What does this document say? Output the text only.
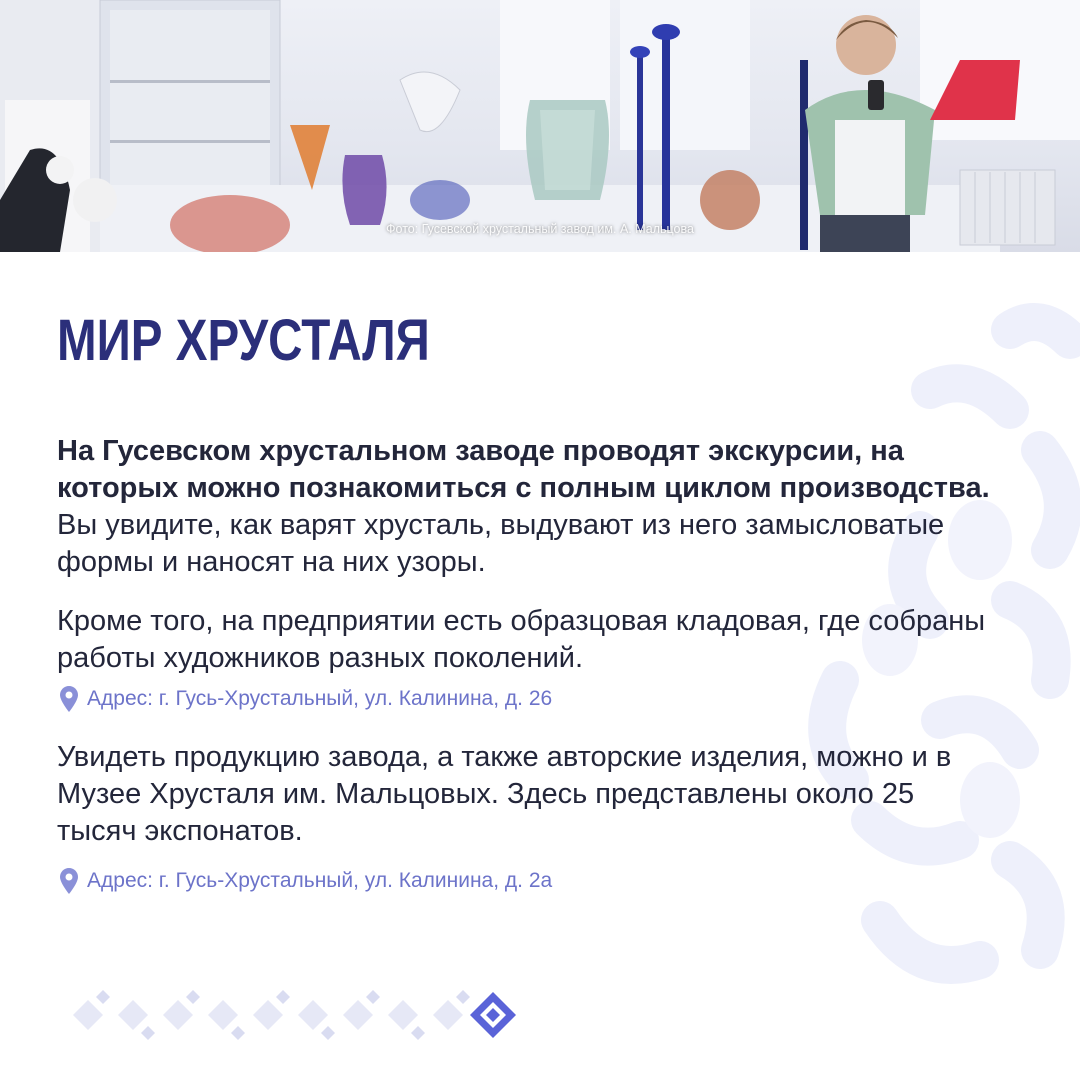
Фото: Гусевской хрустальный завод им. А. Мальцова
МИР ХРУСТАЛЯ

На Гусевском хрустальном заводе проводят экскурсии, на которых можно познакомиться с полным циклом производства. Вы увидите, как варят хрусталь, выдувают из него замысловатые формы и наносят на них узоры.

Кроме того, на предприятии есть образцовая кладовая, где собраны работы художников разных поколений.

Адрес: г. Гусь-Хрустальный, ул. Калинина, д. 26

Увидеть продукцию завода, а также авторские изделия, можно и в Музее Хрусталя им. Мальцовых. Здесь представлены около 25 тысяч экспонатов.

Адрес: г. Гусь-Хрустальный, ул. Калинина, д. 2а
